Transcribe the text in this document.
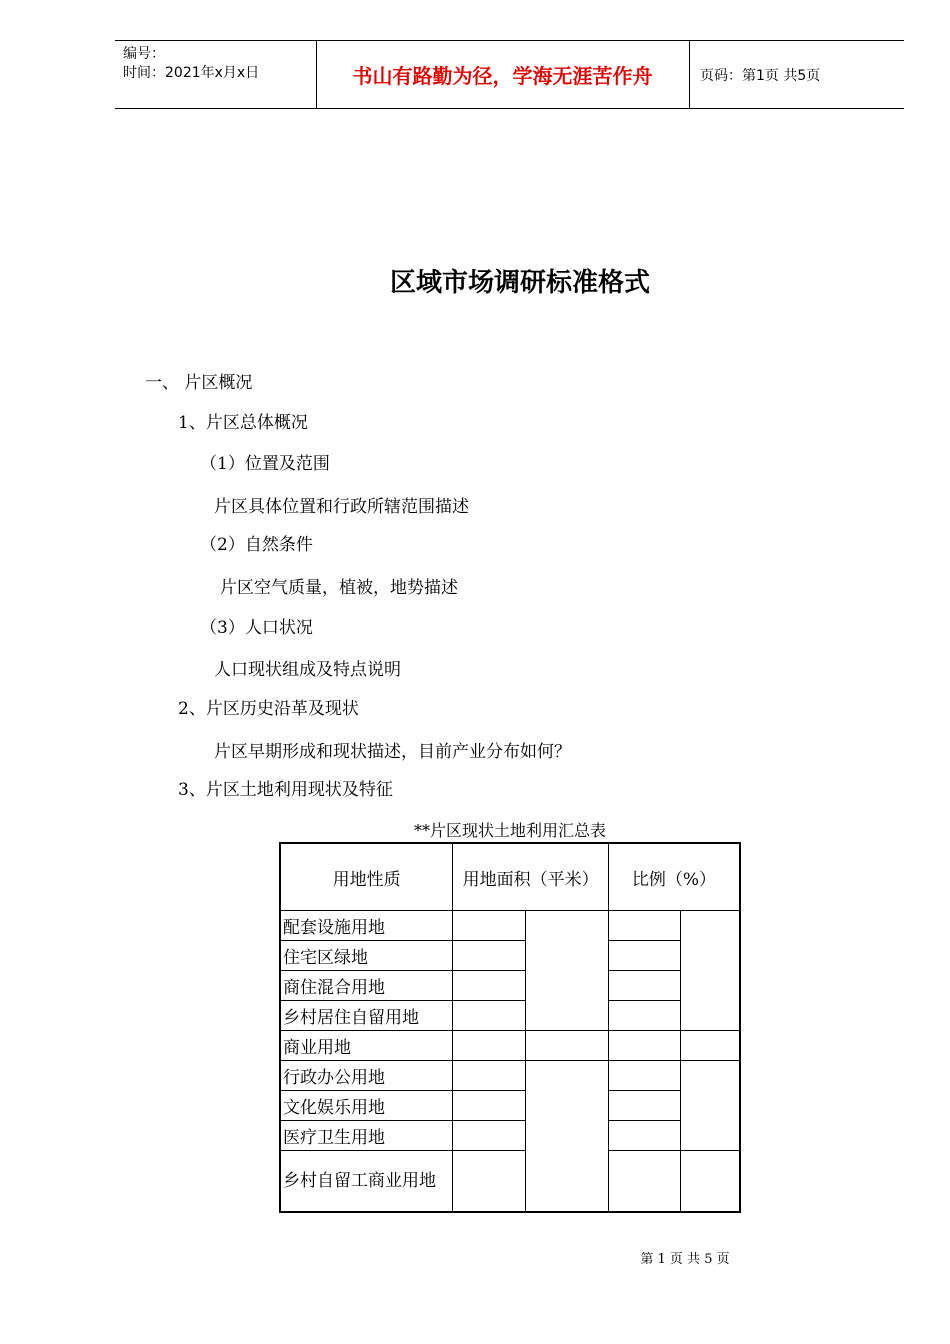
编号：
时间：2021年x月x日	书山有路勤为径，学海无涯苦作舟	页码：第1页 共5页
区域市场调研标准格式
一、 片区概况
1、片区总体概况
（1）位置及范围
片区具体位置和行政所辖范围描述
（2）自然条件
片区空气质量，植被，地势描述
（3）人口状况
人口现状组成及特点说明
2、片区历史沿革及现状
片区早期形成和现状描述，目前产业分布如何？
3、片区土地利用现状及特征
**片区现状土地利用汇总表
用地性质	用地面积（平米）		比例（%）	
配套设施用地				
住宅区绿地				
商住混合用地				
乡村居住自留用地				
商业用地				
行政办公用地				
文化娱乐用地				
医疗卫生用地				
乡村自留工商业用地				
第 1 页 共 5 页
